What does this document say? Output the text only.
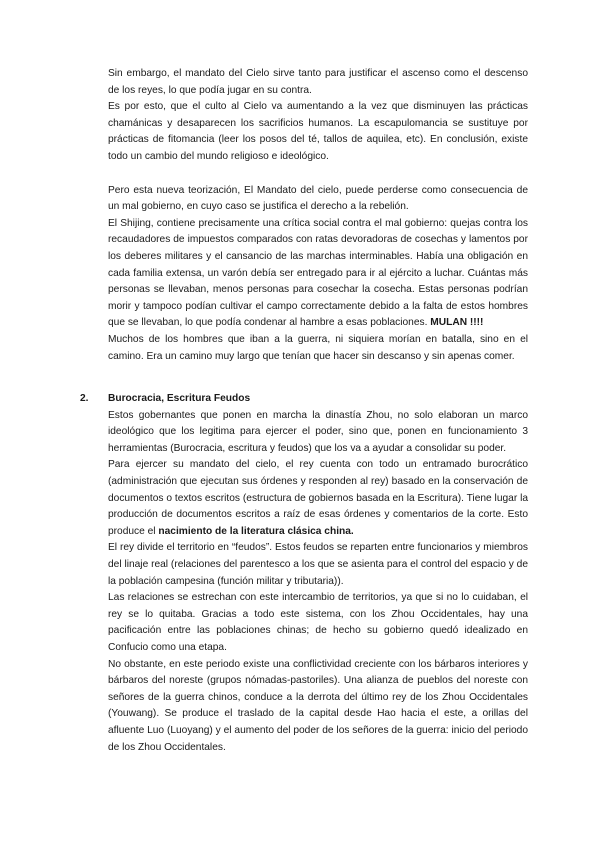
Sin embargo, el mandato del Cielo sirve tanto para justificar el ascenso como el descenso de los reyes, lo que podía jugar en su contra.

Es por esto, que el culto al Cielo va aumentando a la vez que disminuyen las prácticas chamánicas y desaparecen los sacrificios humanos. La escapulomancia se sustituye por prácticas de fitomancia (leer los posos del té, tallos de aquilea, etc). En conclusión, existe todo un cambio del mundo religioso e ideológico.

Pero esta nueva teorización, El Mandato del cielo, puede perderse como consecuencia de un mal gobierno, en cuyo caso se justifica el derecho a la rebelión.

El Shijing, contiene precisamente una crítica social contra el mal gobierno: quejas contra los recaudadores de impuestos comparados con ratas devoradoras de cosechas y lamentos por los deberes militares y el cansancio de las marchas interminables. Había una obligación en cada familia extensa, un varón debía ser entregado para ir al ejército a luchar. Cuántas más personas se llevaban, menos personas para cosechar la cosecha. Estas personas podrían morir y tampoco podían cultivar el campo correctamente debido a la falta de estos hombres que se llevaban, lo que podía condenar al hambre a esas poblaciones. MULAN !!!!

Muchos de los hombres que iban a la guerra, ni siquiera morían en batalla, sino en el camino. Era un camino muy largo que tenían que hacer sin descanso y sin apenas comer.

2. Burocracia, Escritura Feudos

Estos gobernantes que ponen en marcha la dinastía Zhou, no solo elaboran un marco ideológico que los legitima para ejercer el poder, sino que, ponen en funcionamiento 3 herramientas (Burocracia, escritura y feudos) que los va a ayudar a consolidar su poder.

Para ejercer su mandato del cielo, el rey cuenta con todo un entramado burocrático (administración que ejecutan sus órdenes y responden al rey) basado en la conservación de documentos o textos escritos (estructura de gobiernos basada en la Escritura). Tiene lugar la producción de documentos escritos a raíz de esas órdenes y comentarios de la corte. Esto produce el nacimiento de la literatura clásica china.

El rey divide el territorio en “feudos”. Estos feudos se reparten entre funcionarios y miembros del linaje real (relaciones del parentesco a los que se asienta para el control del espacio y de la población campesina (función militar y tributaria)).

Las relaciones se estrechan con este intercambio de territorios, ya que si no lo cuidaban, el rey se lo quitaba. Gracias a todo este sistema, con los Zhou Occidentales, hay una pacificación entre las poblaciones chinas; de hecho su gobierno quedó idealizado en Confucio como una etapa.

No obstante, en este periodo existe una conflictividad creciente con los bárbaros interiores y bárbaros del noreste (grupos nómadas-pastoriles). Una alianza de pueblos del noreste con señores de la guerra chinos, conduce a la derrota del último rey de los Zhou Occidentales (Youwang). Se produce el traslado de la capital desde Hao hacia el este, a orillas del afluente Luo (Luoyang) y el aumento del poder de los señores de la guerra: inicio del periodo de los Zhou Occidentales.
